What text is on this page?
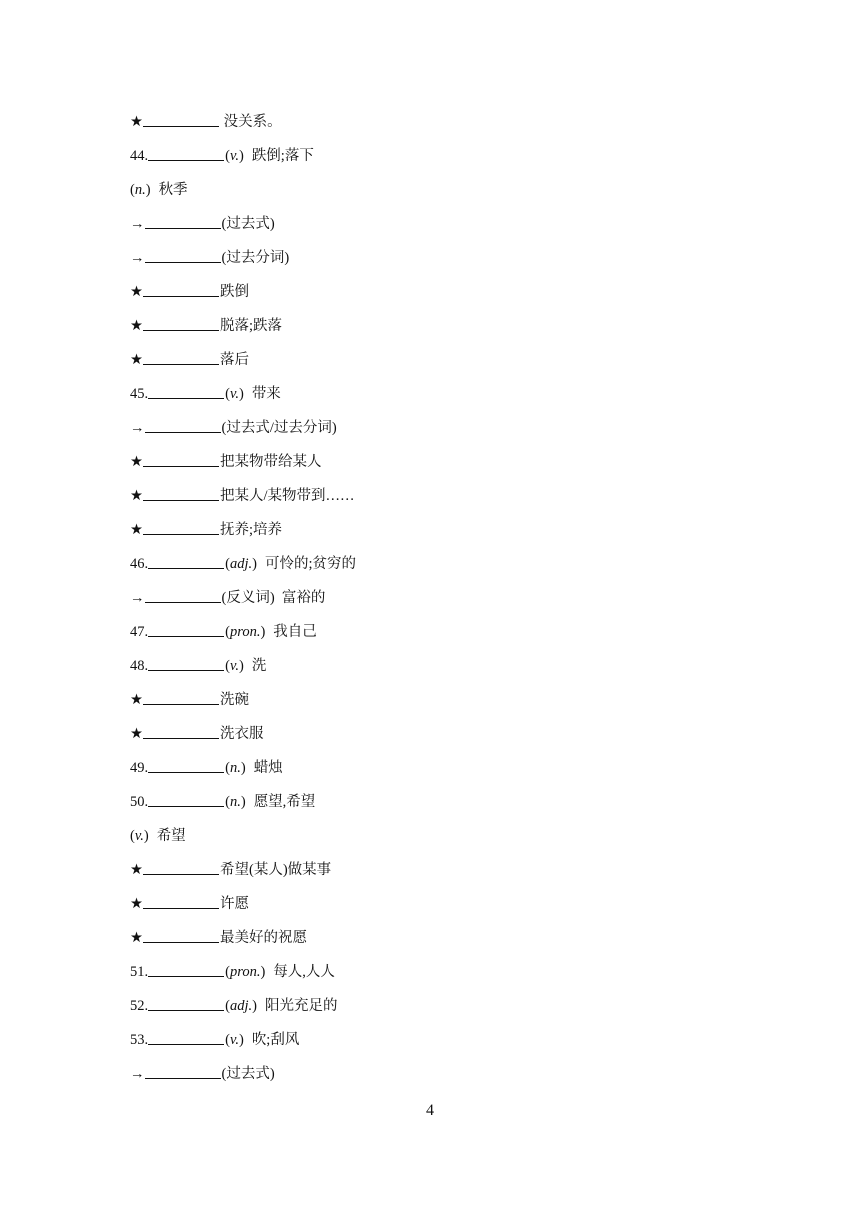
★	没关系。
44.	(v.) 跌倒;落下
(n.) 秋季
→	(过去式)
→	(过去分词)
★	跌倒
★	脱落;跌落
★	落后
45.	(v.) 带来
→	(过去式/过去分词)
★	把某物带给某人
★	把某人/某物带到……
★	抚养;培养
46.	(adj.) 可怜的;贫穷的
→	(反义词)  富裕的
47.	(pron.) 我自己
48.	(v.) 洗
★	洗碗
★	洗衣服
49.	(n.) 蜡烛
50.	(n.) 愿望,希望
(v.) 希望
★	希望(某人)做某事
★	许愿
★	最美好的祝愿
51.	(pron.) 每人,人人
52.	(adj.) 阳光充足的
53.	(v.) 吹;刮风
→	(过去式)
4
